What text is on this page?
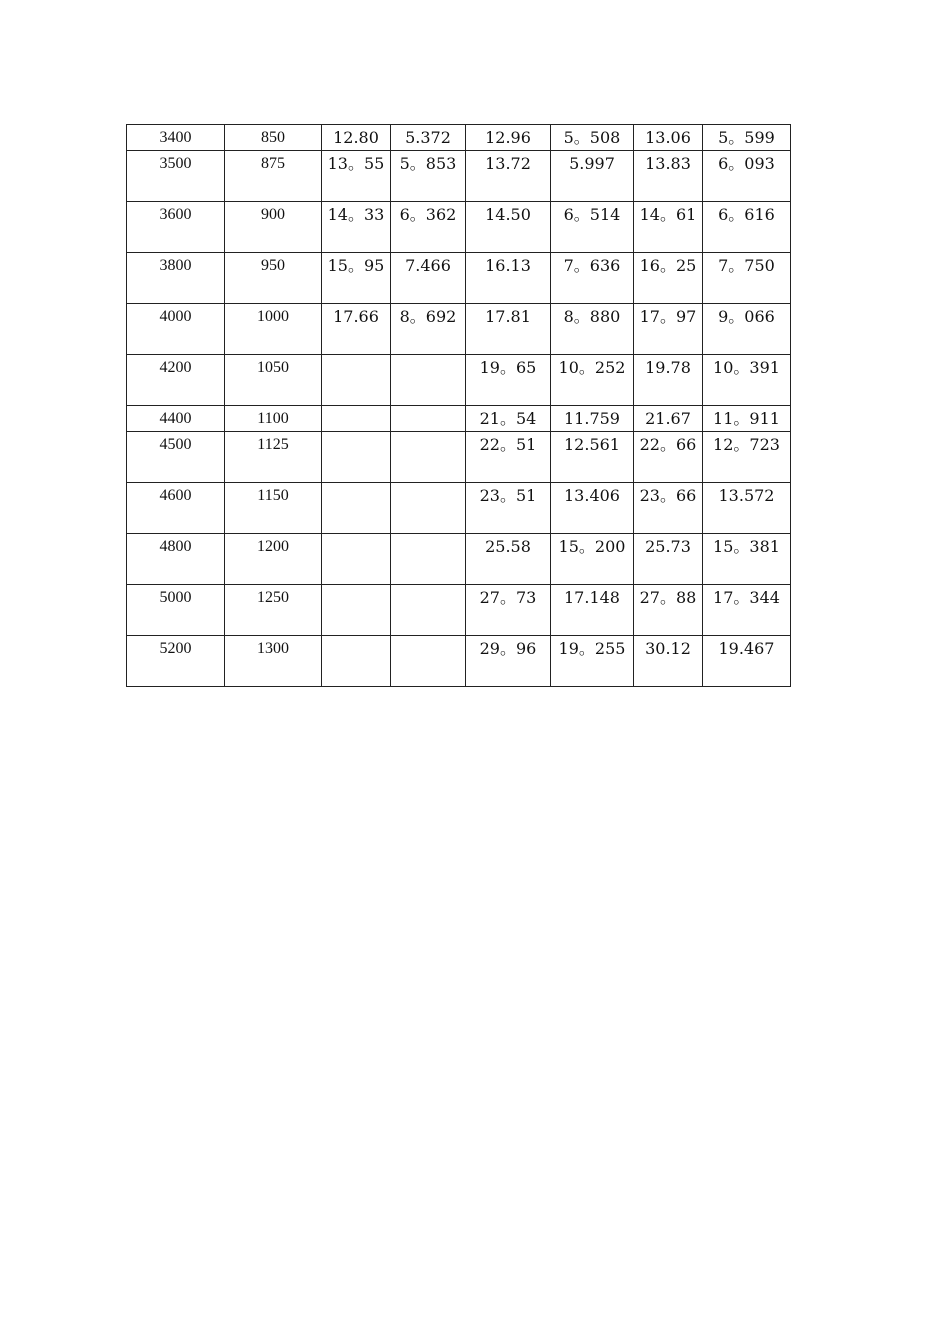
3400	850	12.80	5.372	12.96	5。508	13.06	5。599
3500	875	13。55	5。853	13.72	5.997	13.83	6。093
3600	900	14。33	6。362	14.50	6。514	14。61	6。616
3800	950	15。95	7.466	16.13	7。636	16。25	7。750
4000	1000	17.66	8。692	17.81	8。880	17。97	9。066
4200	1050			19。65	10。252	19.78	10。391
4400	1100			21。54	11.759	21.67	11。911
4500	1125			22。51	12.561	22。66	12。723
4600	1150			23。51	13.406	23。66	13.572
4800	1200			25.58	15。200	25.73	15。381
5000	1250			27。73	17.148	27。88	17。344
5200	1300			29。96	19。255	30.12	19.467
